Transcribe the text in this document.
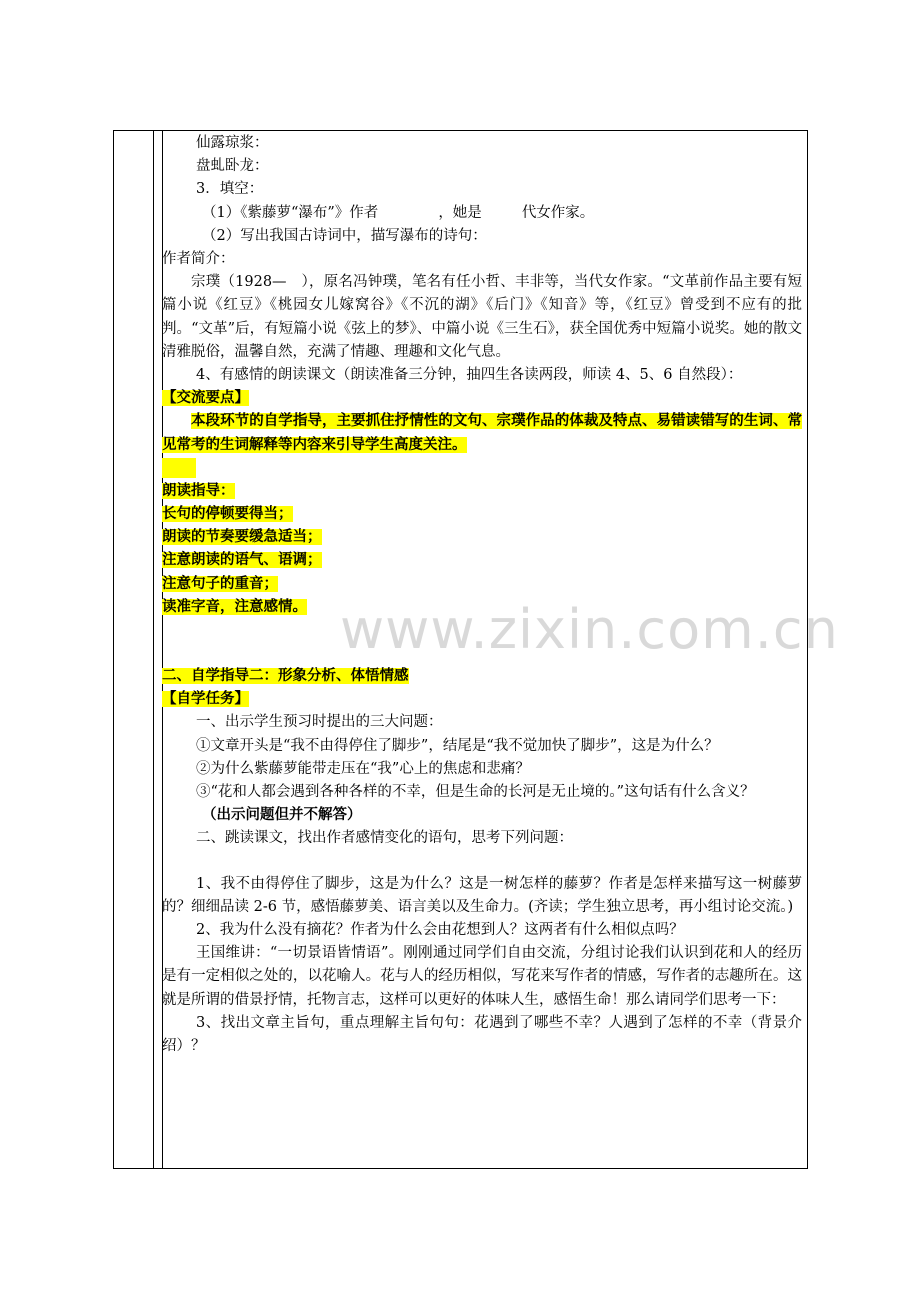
仙露琼浆：
盘虬卧龙：
3．填空：
（1）《紫藤萝“瀑布”》作者	，她是	代女作家。
（2）写出我国古诗词中，描写瀑布的诗句：
作者简介：
宗璞（1928—　），原名冯钟璞，笔名有任小哲、丰非等，当代女作家。“文革前作品主要有短篇小说《红豆》《桃园女儿嫁窝谷》《不沉的湖》《后门》《知音》等，《红豆》曾受到不应有的批判。“文革”后，有短篇小说《弦上的梦》、中篇小说《三生石》，获全国优秀中短篇小说奖。她的散文清雅脱俗，温馨自然，充满了情趣、理趣和文化气息。
4、有感情的朗读课文（朗读准备三分钟，抽四生各读两段，师读 4、5、6 自然段）：
【交流要点】
本段环节的自学指导，主要抓住抒情性的文句、宗璞作品的体裁及特点、易错读错写的生词、常见常考的生词解释等内容来引导学生高度关注。
朗读指导：
长句的停顿要得当；
朗读的节奏要缓急适当；
注意朗读的语气、语调；
注意句子的重音；
读准字音，注意感情。
二、自学指导二：形象分析、体悟情感
【自学任务】
一、出示学生预习时提出的三大问题：
①文章开头是“我不由得停住了脚步”，结尾是“我不觉加快了脚步”，这是为什么？
②为什么紫藤萝能带走压在“我”心上的焦虑和悲痛？
③“花和人都会遇到各种各样的不幸，但是生命的长河是无止境的。”这句话有什么含义？
（出示问题但并不解答）
二、跳读课文，找出作者感情变化的语句，思考下列问题：
1、我不由得停住了脚步，这是为什么？这是一树怎样的藤萝？作者是怎样来描写这一树藤萝的？细细品读 2-6 节，感悟藤萝美、语言美以及生命力。(齐读；学生独立思考，再小组讨论交流。)
2、我为什么没有摘花？作者为什么会由花想到人？这两者有什么相似点吗？
王国维讲：“一切景语皆情语”。刚刚通过同学们自由交流，分组讨论我们认识到花和人的经历是有一定相似之处的，以花喻人。花与人的经历相似，写花来写作者的情感，写作者的志趣所在。这就是所谓的借景抒情，托物言志，这样可以更好的体味人生，感悟生命！那么请同学们思考一下：
3、找出文章主旨句，重点理解主旨句句：花遇到了哪些不幸？人遇到了怎样的不幸（背景介绍）？
www.zixin.com.cn
